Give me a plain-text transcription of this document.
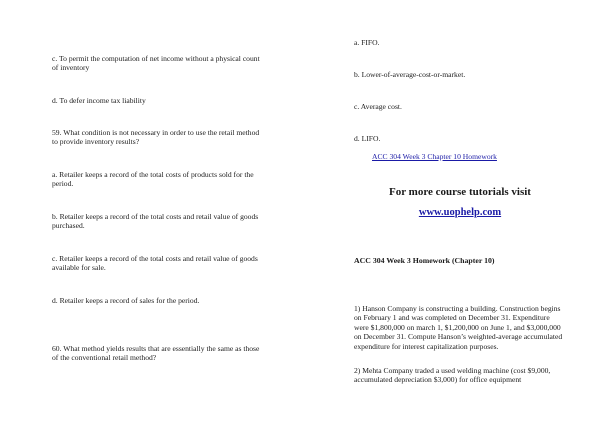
c. To permit the computation of net income without a physical count of inventory

d. To defer income tax liability

59. What condition is not necessary in order to use the retail method to provide inventory results?

a. Retailer keeps a record of the total costs of products sold for the period.

b. Retailer keeps a record of the total costs and retail value of goods purchased.

c. Retailer keeps a record of the total costs and retail value of goods available for sale.

d. Retailer keeps a record of sales for the period.

60. What method yields results that are essentially the same as those of the conventional retail method?

a. FIFO.

b. Lower-of-average-cost-or-market.

c. Average cost.

d. LIFO.

ACC 304 Week 3 Chapter 10 Homework

For more course tutorials visit

www.uophelp.com

ACC 304 Week 3 Homework (Chapter 10)

1) Hanson Company is constructing a building. Construction begins on February 1 and was completed on December 31. Expenditure were $1,800,000 on march 1, $1,200,000 on June 1, and $3,000,000 on December 31. Compute Hanson’s weighted-average accumulated expenditure for interest capitalization purposes.

2) Mehta Company traded a used welding machine (cost $9,000, accumulated depreciation $3,000) for office equipment
